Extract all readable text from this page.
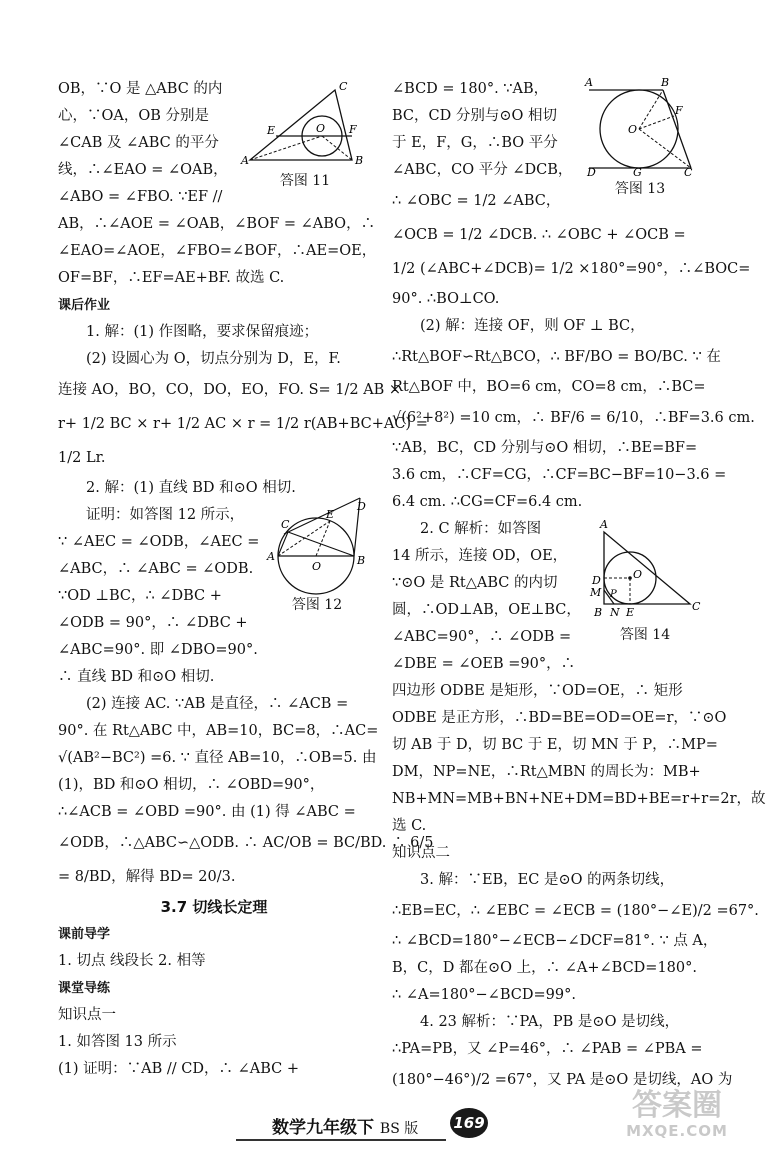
OB，∵O 是 △ABC 的内
心，∵OA，OB 分别是
∠CAB 及 ∠ABC 的平分
线，∴∠EAO = ∠OAB，
∠ABO = ∠FBO. ∵EF //
AB，∴∠AOE = ∠OAB，∠BOF = ∠ABO，∴
∠EAO=∠AOE，∠FBO=∠BOF，∴AE=OE，
OF=BF，∴EF=AE+BF. 故选 C.
课后作业
1. 解：(1) 作图略，要求保留痕迹；
(2) 设圆心为 O，切点分别为 D，E，F.
连接 AO，BO，CO，DO，EO，FO. S= 1/2 AB ×
r+ 1/2 BC × r+ 1/2 AC × r = 1/2 r(AB+BC+AC) =
1/2 Lr.
2. 解：(1) 直线 BD 和⊙O 相切.
证明：如答图 12 所示，
∵ ∠AEC = ∠ODB，∠AEC =
∠ABC，∴ ∠ABC = ∠ODB.
∵OD ⊥BC，∴ ∠DBC +
∠ODB = 90°，∴ ∠DBC +
∠ABC=90°. 即 ∠DBO=90°.
∴ 直线 BD 和⊙O 相切.
(2) 连接 AC. ∵AB 是直径，∴ ∠ACB =
90°. 在 Rt△ABC 中，AB=10，BC=8，∴AC=
√(AB²−BC²) =6. ∵ 直径 AB=10，∴OB=5. 由
(1)，BD 和⊙O 相切，∴ ∠OBD=90°，
∴∠ACB = ∠OBD =90°. 由 (1) 得 ∠ABC =
∠ODB，∴△ABC∽△ODB. ∴ AC/OB = BC/BD. ∴ 6/5
= 8/BD，解得 BD= 20/3.
3.7 切线长定理
课前导学
1. 切点 线段长 2. 相等
课堂导练
知识点一
1. 如答图 13 所示
(1) 证明：∵AB // CD，∴ ∠ABC +
∠BCD = 180°. ∵AB，
BC，CD 分别与⊙O 相切
于 E，F，G，∴BO 平分
∠ABC，CO 平分 ∠DCB，
∴ ∠OBC = 1/2 ∠ABC，
∠OCB = 1/2 ∠DCB. ∴ ∠OBC + ∠OCB =
1/2 (∠ABC+∠DCB)= 1/2 ×180°=90°，∴∠BOC=
90°. ∴BO⊥CO.
(2) 解：连接 OF，则 OF ⊥ BC，
∴Rt△BOF∽Rt△BCO，∴ BF/BO = BO/BC. ∵ 在
Rt△BOF 中，BO=6 cm，CO=8 cm，∴BC=
√(6²+8²) =10 cm，∴ BF/6 = 6/10，∴BF=3.6 cm.
∵AB，BC，CD 分别与⊙O 相切，∴BE=BF=
3.6 cm，∴CF=CG，∴CF=BC−BF=10−3.6 =
6.4 cm. ∴CG=CF=6.4 cm.
2. C 解析：如答图
14 所示，连接 OD，OE，
∵⊙O 是 Rt△ABC 的内切
圆，∴OD⊥AB，OE⊥BC，
∠ABC=90°，∴ ∠ODB =
∠DBE = ∠OEB =90°，∴
四边形 ODBE 是矩形，∵OD=OE，∴ 矩形
ODBE 是正方形，∴BD=BE=OD=OE=r，∵⊙O
切 AB 于 D，切 BC 于 E，切 MN 于 P，∴MP=
DM，NP=NE，∴Rt△MBN 的周长为：MB+
NB+MN=MB+BN+NE+DM=BD+BE=r+r=2r，故
选 C.
知识点二
3. 解：∵EB，EC 是⊙O 的两条切线，
∴EB=EC，∴ ∠EBC = ∠ECB = (180°−∠E)/2 =67°.
∴ ∠BCD=180°−∠ECB−∠DCF=81°. ∵ 点 A，
B，C，D 都在⊙O 上，∴ ∠A+∠BCD=180°.
∴ ∠A=180°−∠BCD=99°.
4. 23 解析：∵PA，PB 是⊙O 是切线，
∴PA=PB，又 ∠P=46°，∴ ∠PAB = ∠PBA =
(180°−46°)/2 =67°，又 PA 是⊙O 是切线，AO 为
C
E	O F
A	B
答图 11
C
D
E
A
O	B
答图 12
A	B
F
O
D	G	C
答图 13
A
D
M P
O
B N E	C
答图 14
数学九年级下 BS 版 169	答案圈
MXQE.COM
